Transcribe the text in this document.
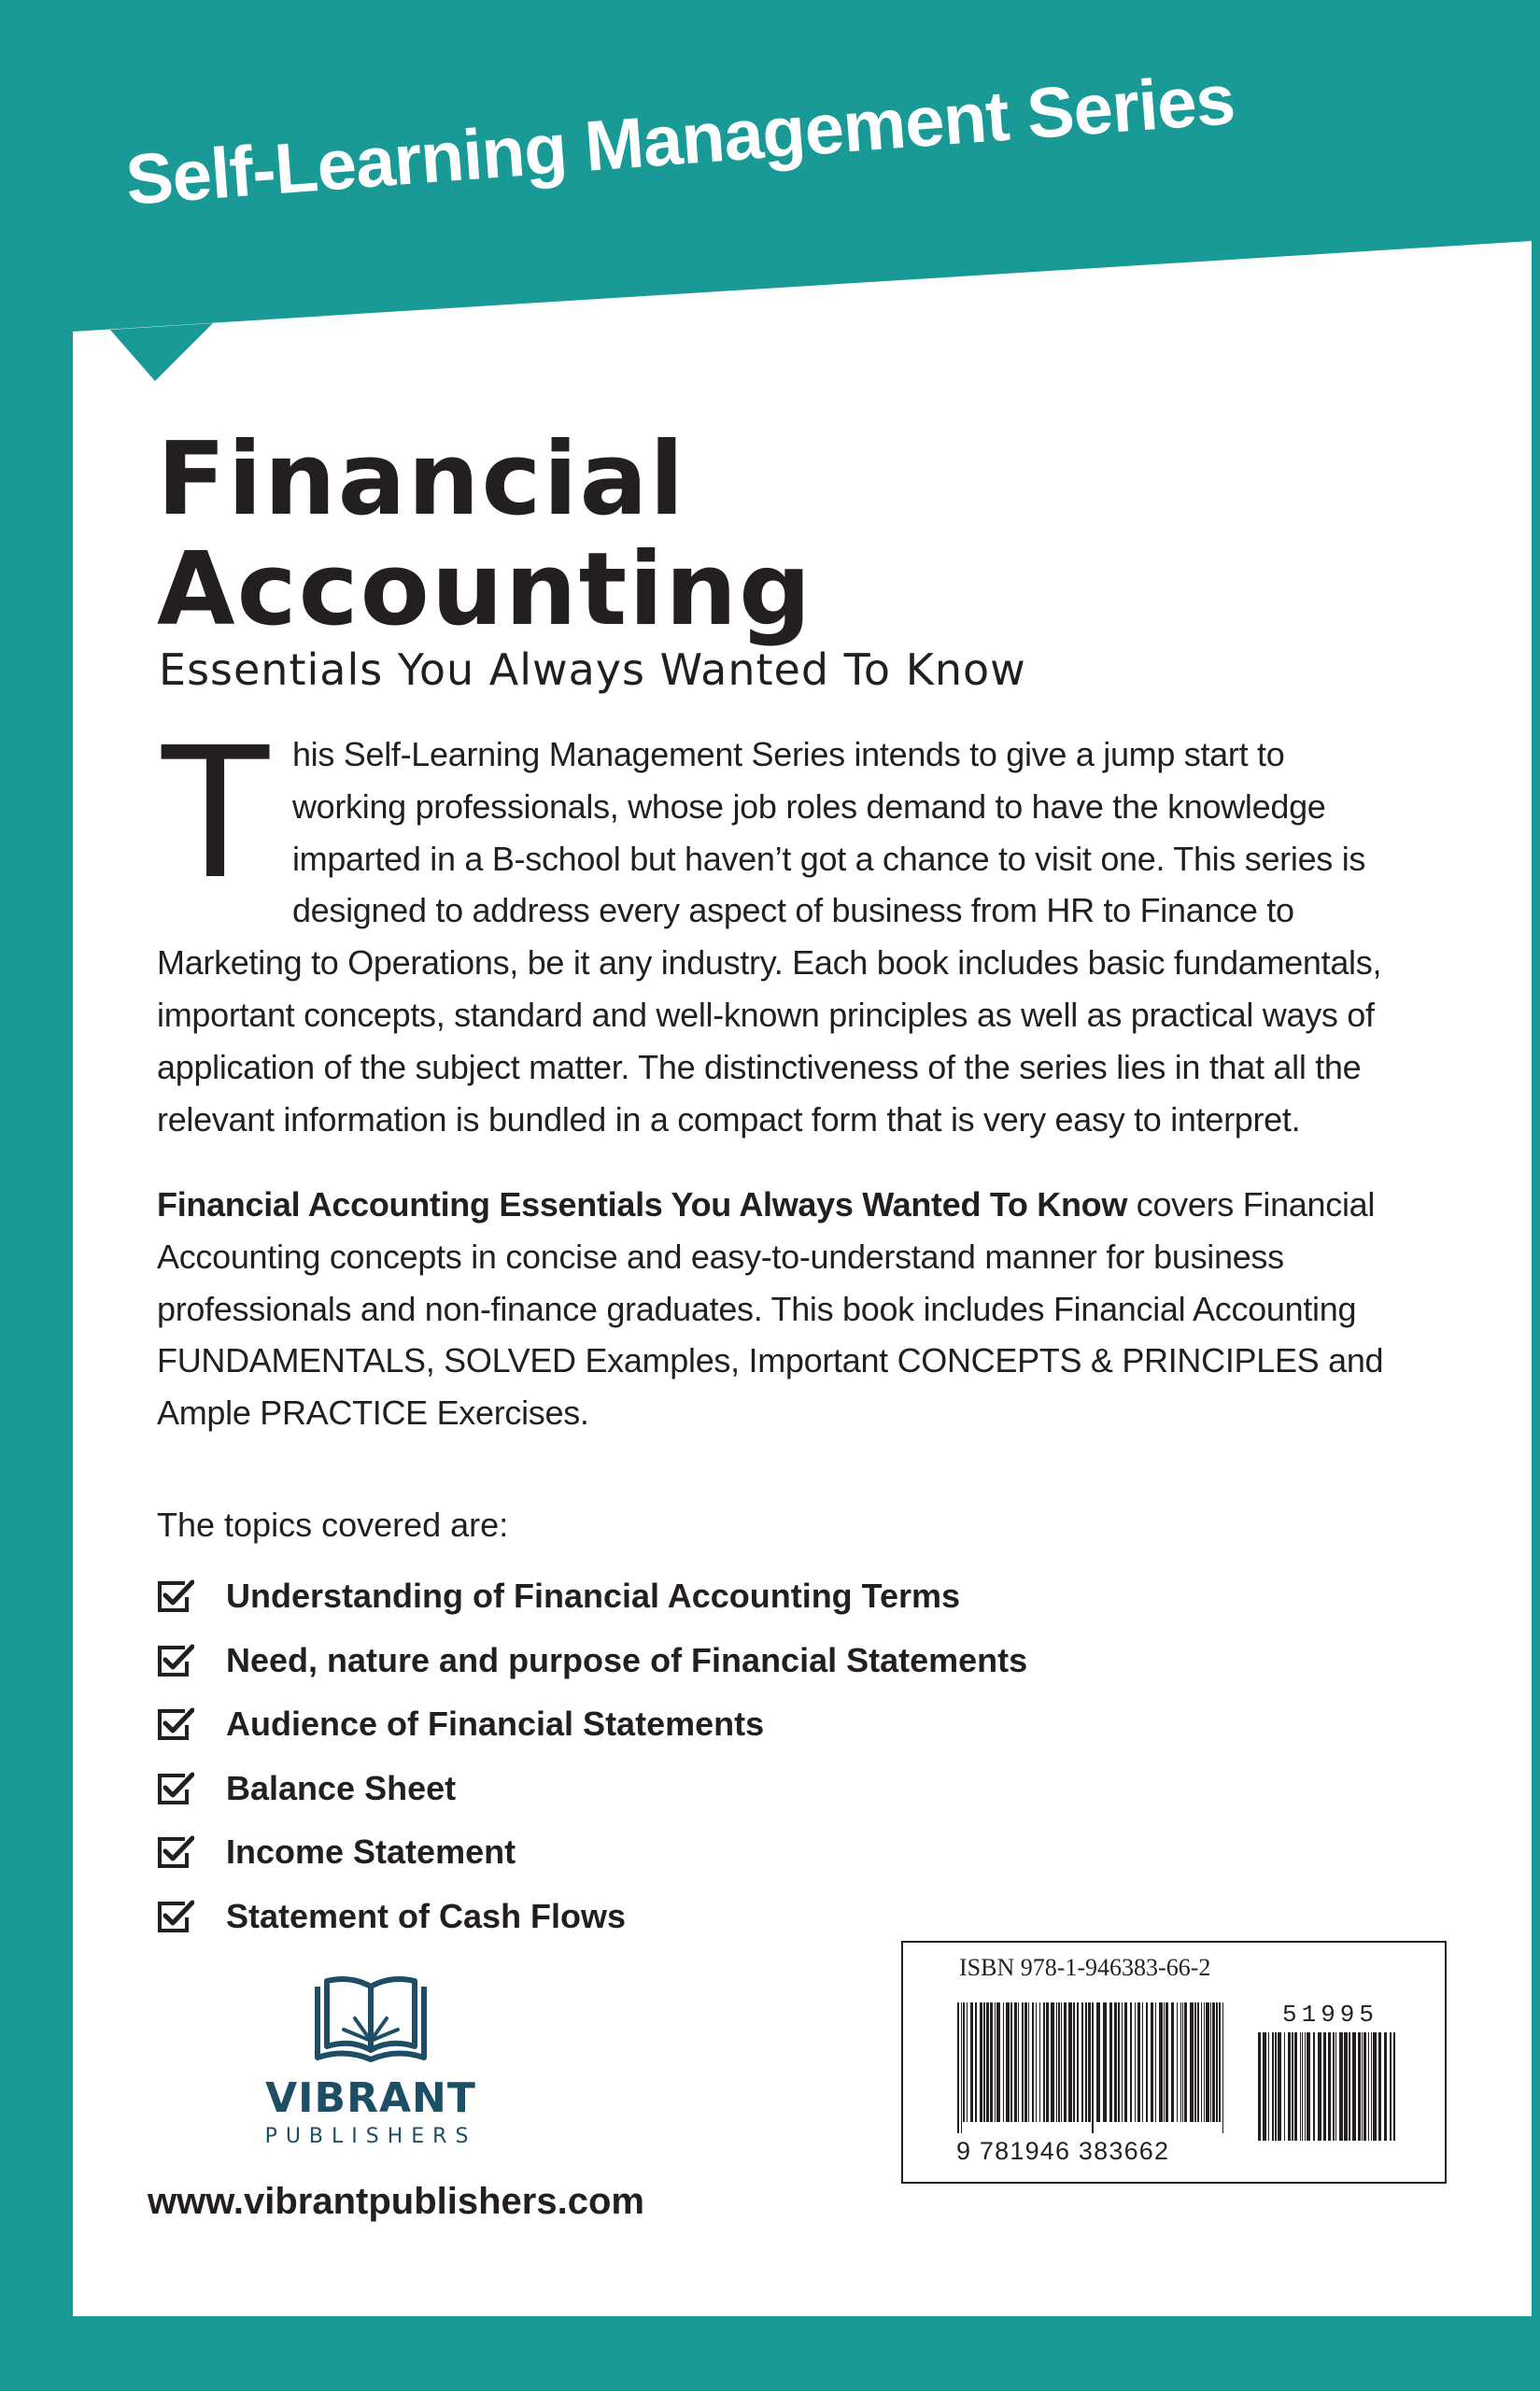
Self-Learning Management Series
Financial
Accounting
Essentials You Always Wanted To Know
This Self-Learning Management Series intends to give a jump start to working professionals, whose job roles demand to have the knowledge imparted in a B-school but haven’t got a chance to visit one. This series is designed to address every aspect of business from HR to Finance to Marketing to Operations, be it any industry. Each book includes basic fundamentals, important concepts, standard and well-known principles as well as practical ways of application of the subject matter. The distinctiveness of the series lies in that all the relevant information is bundled in a compact form that is very easy to interpret.
Financial Accounting Essentials You Always Wanted To Know covers Financial Accounting concepts in concise and easy-to-understand manner for business professionals and non-finance graduates. This book includes Financial Accounting FUNDAMENTALS, SOLVED Examples, Important CONCEPTS & PRINCIPLES and Ample PRACTICE Exercises.
The topics covered are:
Understanding of Financial Accounting Terms
Need, nature and purpose of Financial Statements
Audience of Financial Statements
Balance Sheet
Income Statement
Statement of Cash Flows
VIBRANT
PUBLISHERS
www.vibrantpublishers.com
ISBN 978-1-946383-66-2
51995
9 781946 383662
